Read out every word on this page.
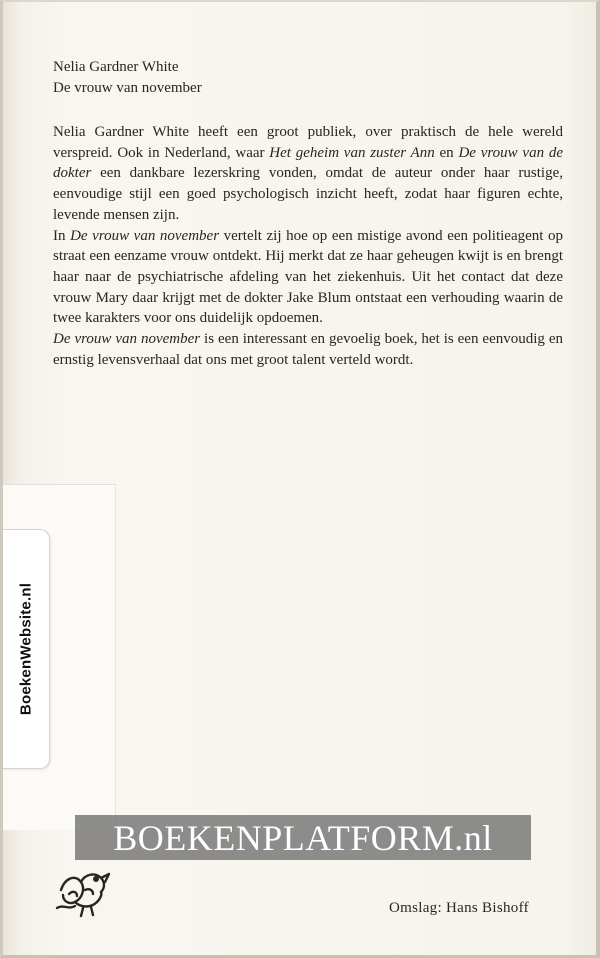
Nelia Gardner White
De vrouw van november

Nelia Gardner White heeft een groot publiek, over praktisch de hele wereld verspreid. Ook in Nederland, waar Het geheim van zuster Ann en De vrouw van de dokter een dankbare lezerskring vonden, omdat de auteur onder haar rustige, eenvoudige stijl een goed psychologisch inzicht heeft, zodat haar figuren echte, levende mensen zijn.

In De vrouw van november vertelt zij hoe op een mistige avond een politieagent op straat een eenzame vrouw ontdekt. Hij merkt dat ze haar geheugen kwijt is en brengt haar naar de psychiatrische afdeling van het ziekenhuis. Uit het contact dat deze vrouw Mary daar krijgt met de dokter Jake Blum ontstaat een verhouding waarin de twee karakters voor ons duidelijk opdoemen.

De vrouw van november is een interessant en gevoelig boek, het is een eenvoudig en ernstig levensverhaal dat ons met groot talent verteld wordt.

BoekenWebsite.nl
BOEKENPLATFORM.nl
Omslag: Hans Bishoff
